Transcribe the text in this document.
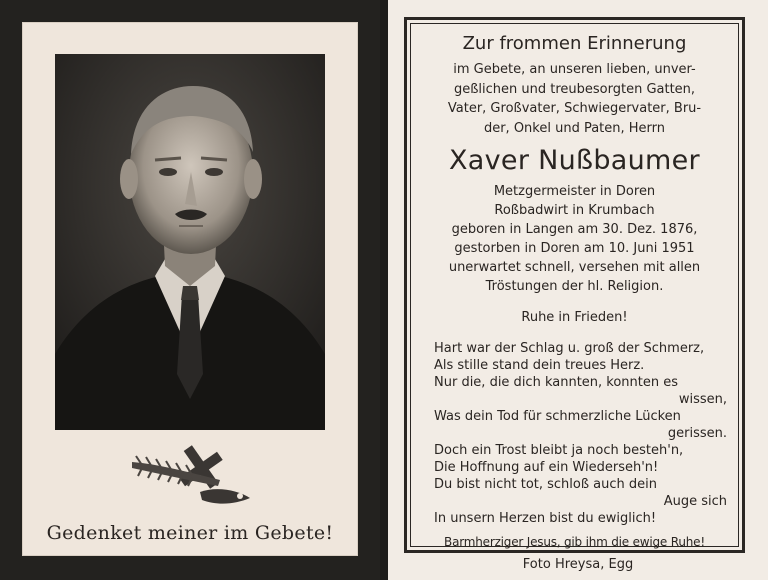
Gedenket meiner im Gebete!
Zur frommen Erinnerung
im Gebete, an unseren lieben, unver-
geßlichen und treubesorgten Gatten,
Vater, Großvater, Schwiegervater, Bru-
der, Onkel und Paten, Herrn
Xaver Nußbaumer
Metzgermeister in Doren
Roßbadwirt in Krumbach
geboren in Langen am 30. Dez. 1876,
gestorben in Doren am 10. Juni 1951
unerwartet schnell, versehen mit allen
Tröstungen der hl. Religion.
Ruhe in Frieden!
Hart war der Schlag u. groß der Schmerz,
Als stille stand dein treues Herz.
Nur die, die dich kannten, konnten es
wissen,
Was dein Tod für schmerzliche Lücken
gerissen.
Doch ein Trost bleibt ja noch besteh'n,
Die Hoffnung auf ein Wiederseh'n!
Du bist nicht tot, schloß auch dein
Auge sich
In unsern Herzen bist du ewiglich!
Barmherziger Jesus, gib ihm die ewige Ruhe!
Foto Hreysa, Egg
